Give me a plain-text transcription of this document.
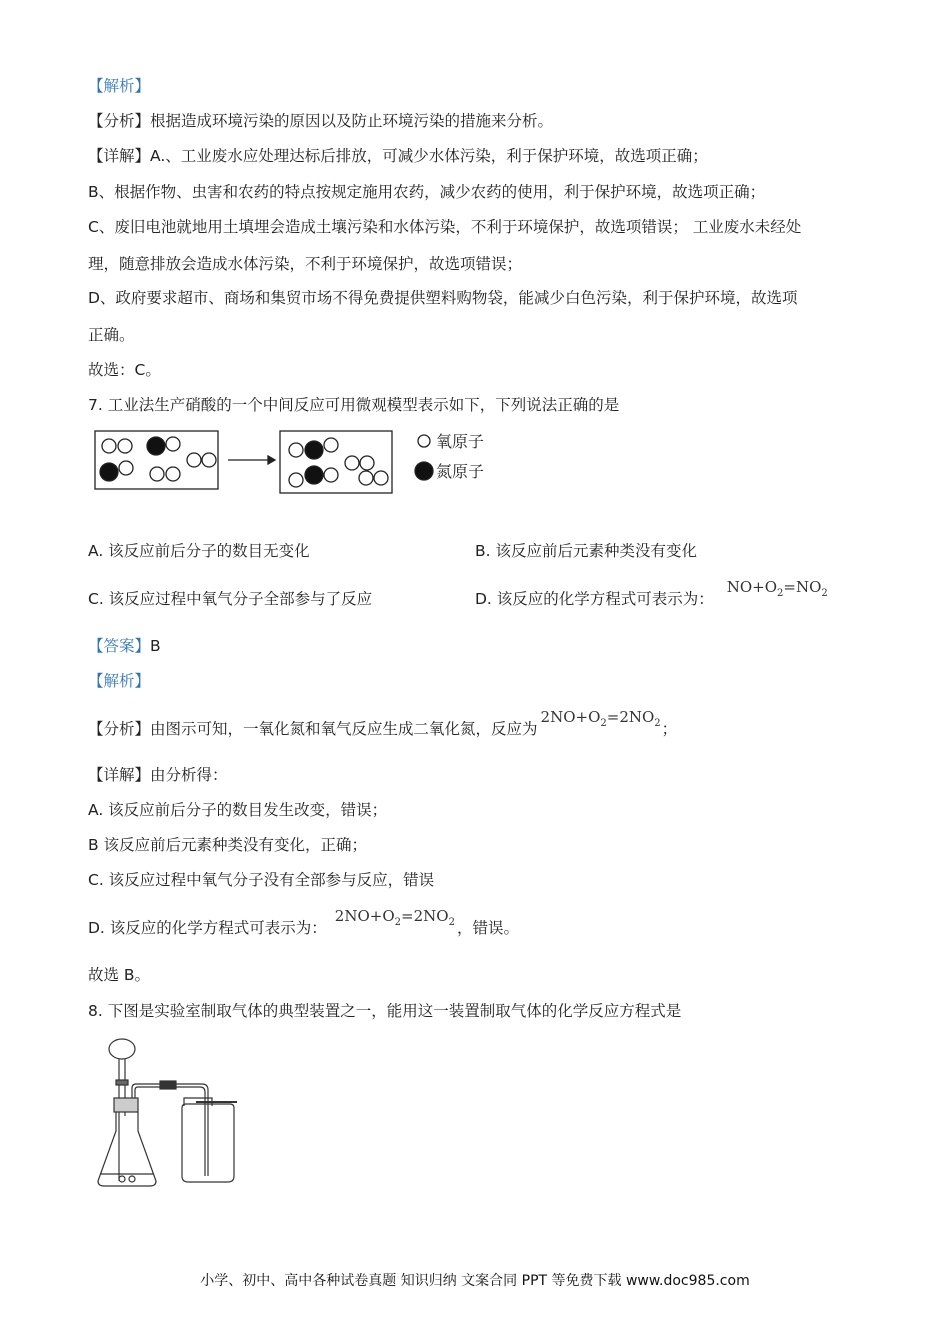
【解析】
【分析】根据造成环境污染的原因以及防止环境污染的措施来分析。
【详解】A.、工业废水应处理达标后排放，可减少水体污染，利于保护环境，故选项正确；
B、根据作物、虫害和农药的特点按规定施用农药，减少农药的使用，利于保护环境，故选项正确；
C、废旧电池就地用土填埋会造成土壤污染和水体污染，不利于环境保护，故选项错误； 工业废水未经处
理，随意排放会造成水体污染，不利于环境保护，故选项错误；
D、政府要求超市、商场和集贸市场不得免费提供塑料购物袋，能减少白色污染，利于保护环境，故选项
正确。
故选：C。
7. 工业法生产硝酸的一个中间反应可用微观模型表示如下，下列说法正确的是
氧原子
氮原子
A. 该反应前后分子的数目无变化	B. 该反应前后元素种类没有变化
C. 该反应过程中氧气分子全部参与了反应	D. 该反应的化学方程式可表示为： $NO+O_2=NO_2$
【答案】B
【解析】
【分析】由图示可知，一氧化氮和氧气反应生成二氧化氮，反应为$2NO+O_2=2NO_2$；
【详解】由分析得：
A. 该反应前后分子的数目发生改变，错误；
B 该反应前后元素种类没有变化，正确；
C. 该反应过程中氧气分子没有全部参与反应，错误
D. 该反应的化学方程式可表示为：$2NO+O_2=2NO_2$ ，错误。
故选 B。
8. 下图是实验室制取气体的典型装置之一，能用这一装置制取气体的化学反应方程式是
小学、初中、高中各种试卷真题 知识归纳 文案合同 PPT 等免费下载 www.doc985.com
